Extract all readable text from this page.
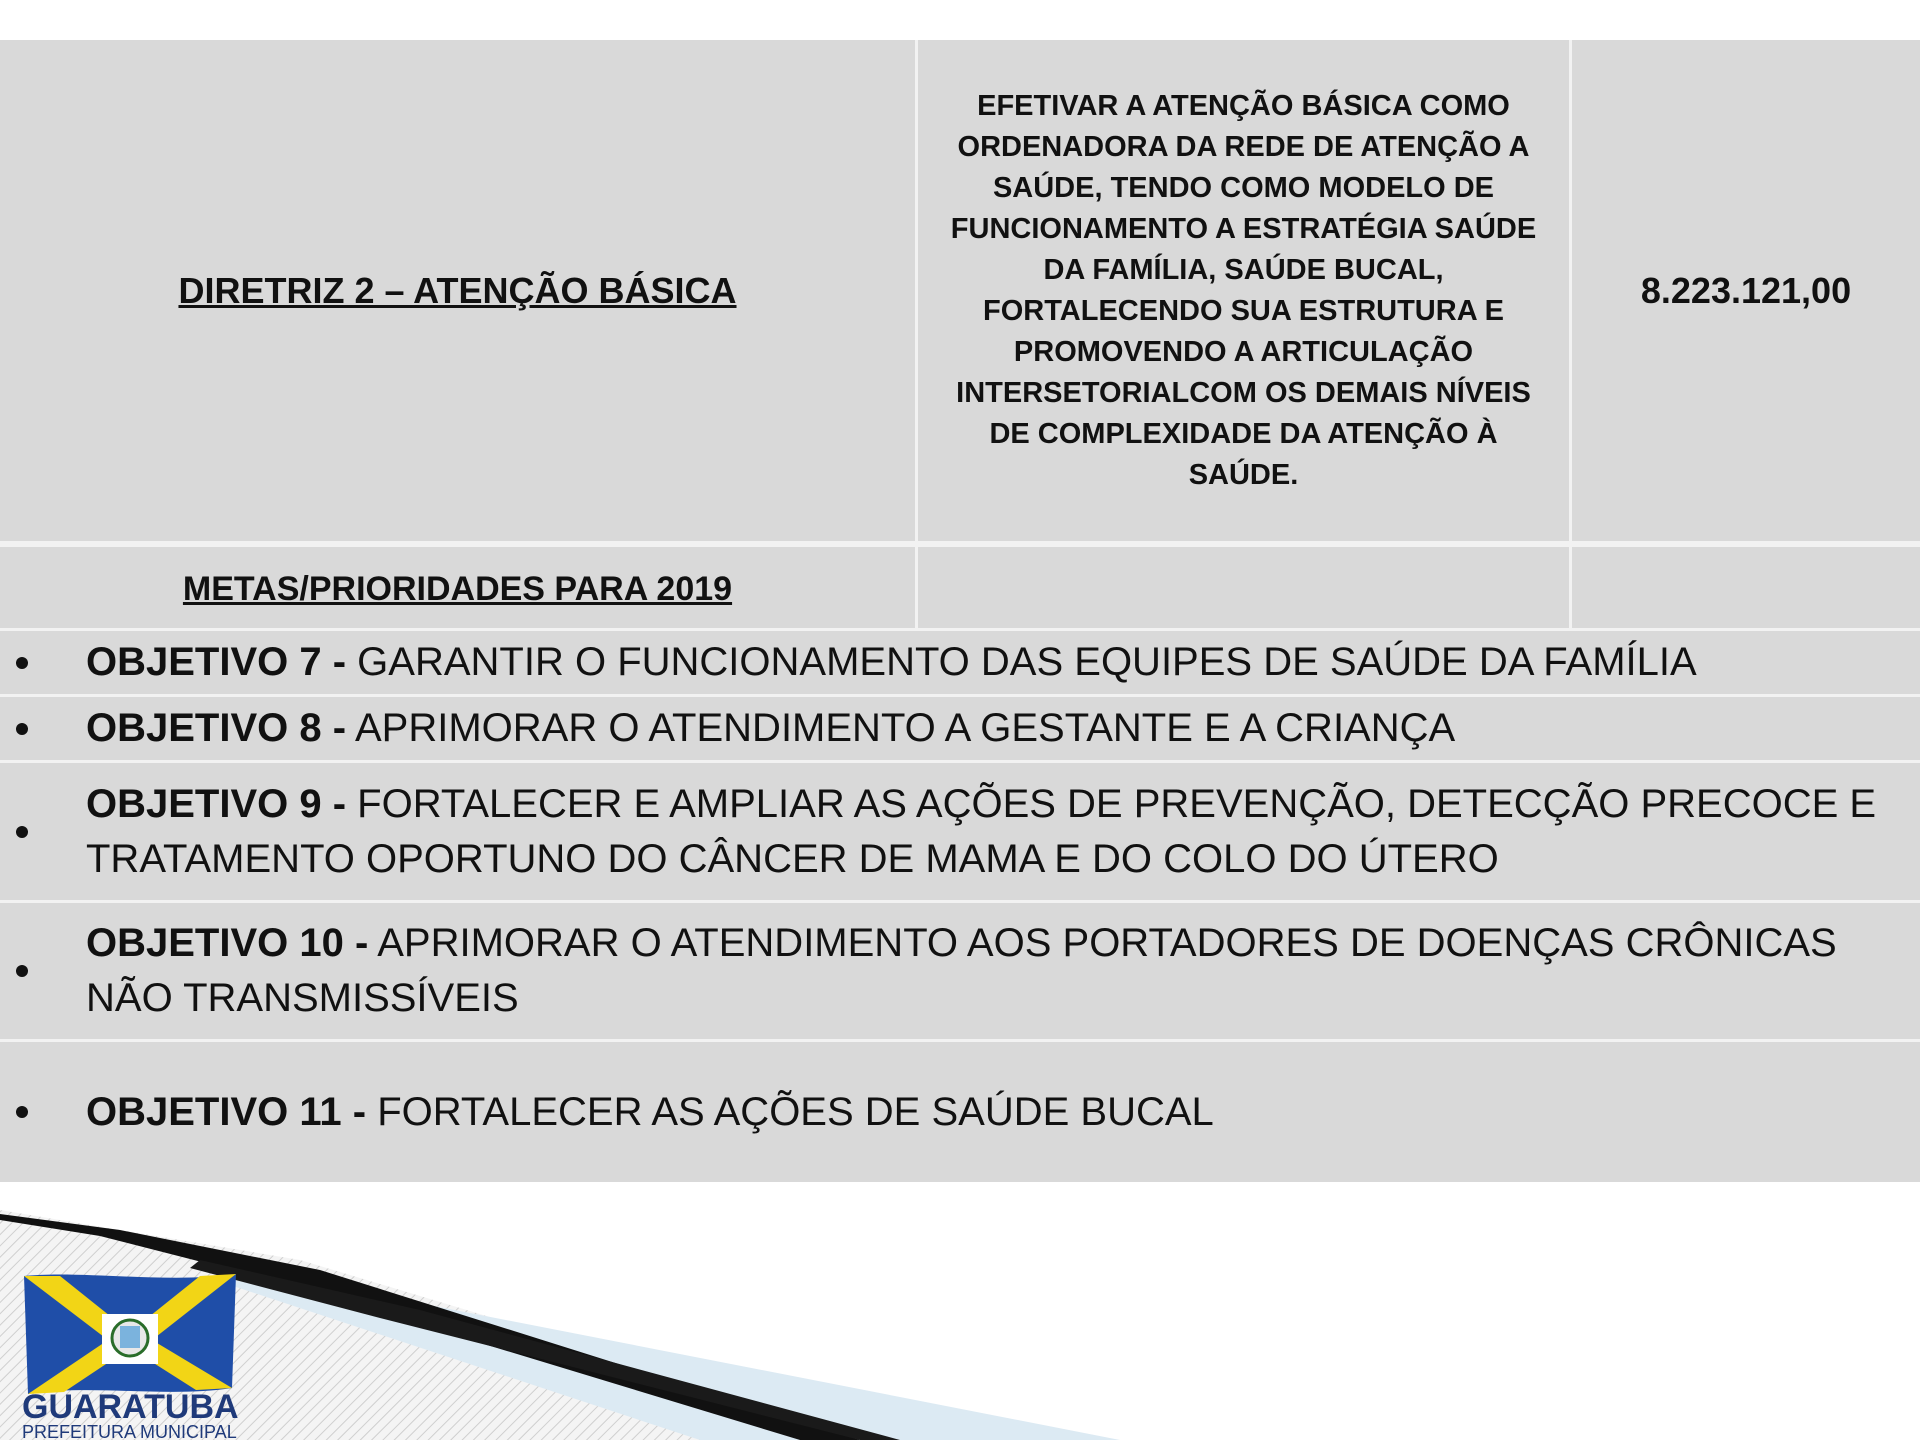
DIRETRIZ 2 – ATENÇÃO BÁSICA
EFETIVAR A ATENÇÃO BÁSICA COMO ORDENADORA DA REDE DE ATENÇÃO A SAÚDE, TENDO COMO MODELO DE FUNCIONAMENTO A ESTRATÉGIA SAÚDE DA FAMÍLIA, SAÚDE BUCAL, FORTALECENDO SUA ESTRUTURA E PROMOVENDO A ARTICULAÇÃO INTERSETORIALCOM OS DEMAIS NÍVEIS DE COMPLEXIDADE DA ATENÇÃO À SAÚDE.
8.223.121,00
METAS/PRIORIDADES PARA 2019
OBJETIVO 7 - GARANTIR O FUNCIONAMENTO DAS EQUIPES DE SAÚDE DA FAMÍLIA
OBJETIVO 8 - APRIMORAR O ATENDIMENTO A GESTANTE E A CRIANÇA
OBJETIVO 9 - FORTALECER E AMPLIAR AS AÇÕES DE PREVENÇÃO, DETECÇÃO PRECOCE E TRATAMENTO OPORTUNO DO CÂNCER DE MAMA E DO COLO DO ÚTERO
OBJETIVO 10 - APRIMORAR O ATENDIMENTO AOS PORTADORES DE DOENÇAS CRÔNICAS NÃO TRANSMISSÍVEIS
OBJETIVO 11 - FORTALECER AS AÇÕES DE SAÚDE BUCAL
GUARATUBA
PREFEITURA MUNICIPAL
